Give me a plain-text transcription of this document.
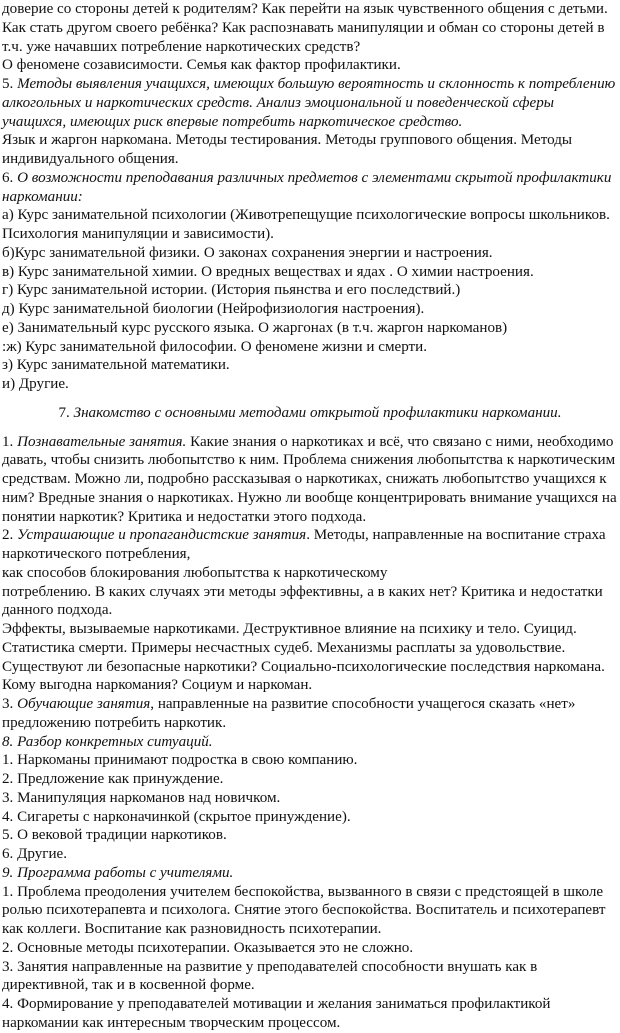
доверие со стороны детей к родителям? Как перейти на язык чувственного общения с детьми. Как стать другом своего ребёнка? Как распознавать манипуляции и обман со стороны детей в т.ч. уже начавших потребление наркотических средств?

О феномене созависимости. Семья как фактор профилактики.

5. Методы выявления учащихся, имеющих большую вероятность и склонность к потреблению алкогольных и наркотических средств. Анализ эмоциональной и поведенческой сферы учащихся, имеющих риск впервые потребить наркотическое средство.

Язык и жаргон наркомана. Методы тестирования. Методы группового общения. Методы индивидуального общения.

6. О возможности преподавания различных предметов с элементами скрытой профилактики наркомании:

а) Курс занимательной психологии (Животрепещущие психологические вопросы школьников. Психология манипуляции и зависимости).

б)Курс занимательной физики. О законах сохранения энергии и настроения.

в) Курс занимательной химии. О вредных веществах и ядах . О химии настроения.

г) Курс занимательной истории. (История пьянства и его последствий.)

д) Курс занимательной биологии (Нейрофизиология настроения).

е) Занимательный курс русского языка. О жаргонах (в т.ч. жаргон наркоманов)

:ж) Курс занимательной философии. О феномене жизни и смерти.

з) Курс занимательной математики.

и) Другие.

7. Знакомство с основными методами открытой профилактики наркомании.

1. Познавательные занятия. Какие знания о наркотиках и всё, что связано с ними, необходимо давать, чтобы снизить любопытство к ним. Проблема снижения любопытства к наркотическим средствам. Можно ли, подробно рассказывая о наркотиках, снижать любопытство учащихся к ним? Вредные знания о наркотиках. Нужно ли вообще концентрировать внимание учащихся на понятии наркотик? Критика и недостатки этого подхода.

2. Устрашающие и пропагандистские занятия. Методы, направленные на воспитание страха наркотического потребления,

как способов блокирования любопытства к наркотическому

потреблению. В каких случаях эти методы эффективны, а в каких нет? Критика и недостатки данного подхода.

Эффекты, вызываемые наркотиками. Деструктивное влияние на психику и тело. Суицид. Статистика смерти. Примеры несчастных судеб. Механизмы расплаты за удовольствие. Существуют ли безопасные наркотики? Социально-психологические последствия наркомана. Кому выгодна наркомания? Социум и наркоман.

3. Обучающие занятия, направленные на развитие способности учащегося сказать «нет» предложению потребить наркотик.

8. Разбор конкретных ситуаций.

1. Наркоманы принимают подростка в свою компанию.

2. Предложение как принуждение.

3. Манипуляция наркоманов над новичком.

4. Сигареты с нарконачинкой (скрытое принуждение).

5. О вековой традиции наркотиков.

6. Другие.

9. Программа работы с учителями.

1. Проблема преодоления учителем беспокойства, вызванного в связи с предстоящей в школе ролью психотерапевта и психолога. Снятие этого беспокойства. Воспитатель и психотерапевт как коллеги. Воспитание как разновидность психотерапии.

2. Основные методы психотерапии. Оказывается это не сложно.

3. Занятия направленные на развитие у преподавателей способности внушать как в директивной, так и в косвенной форме.

4. Формирование у преподавателей мотивации и желания заниматься профилактикой наркомании как интересным творческим процессом.
